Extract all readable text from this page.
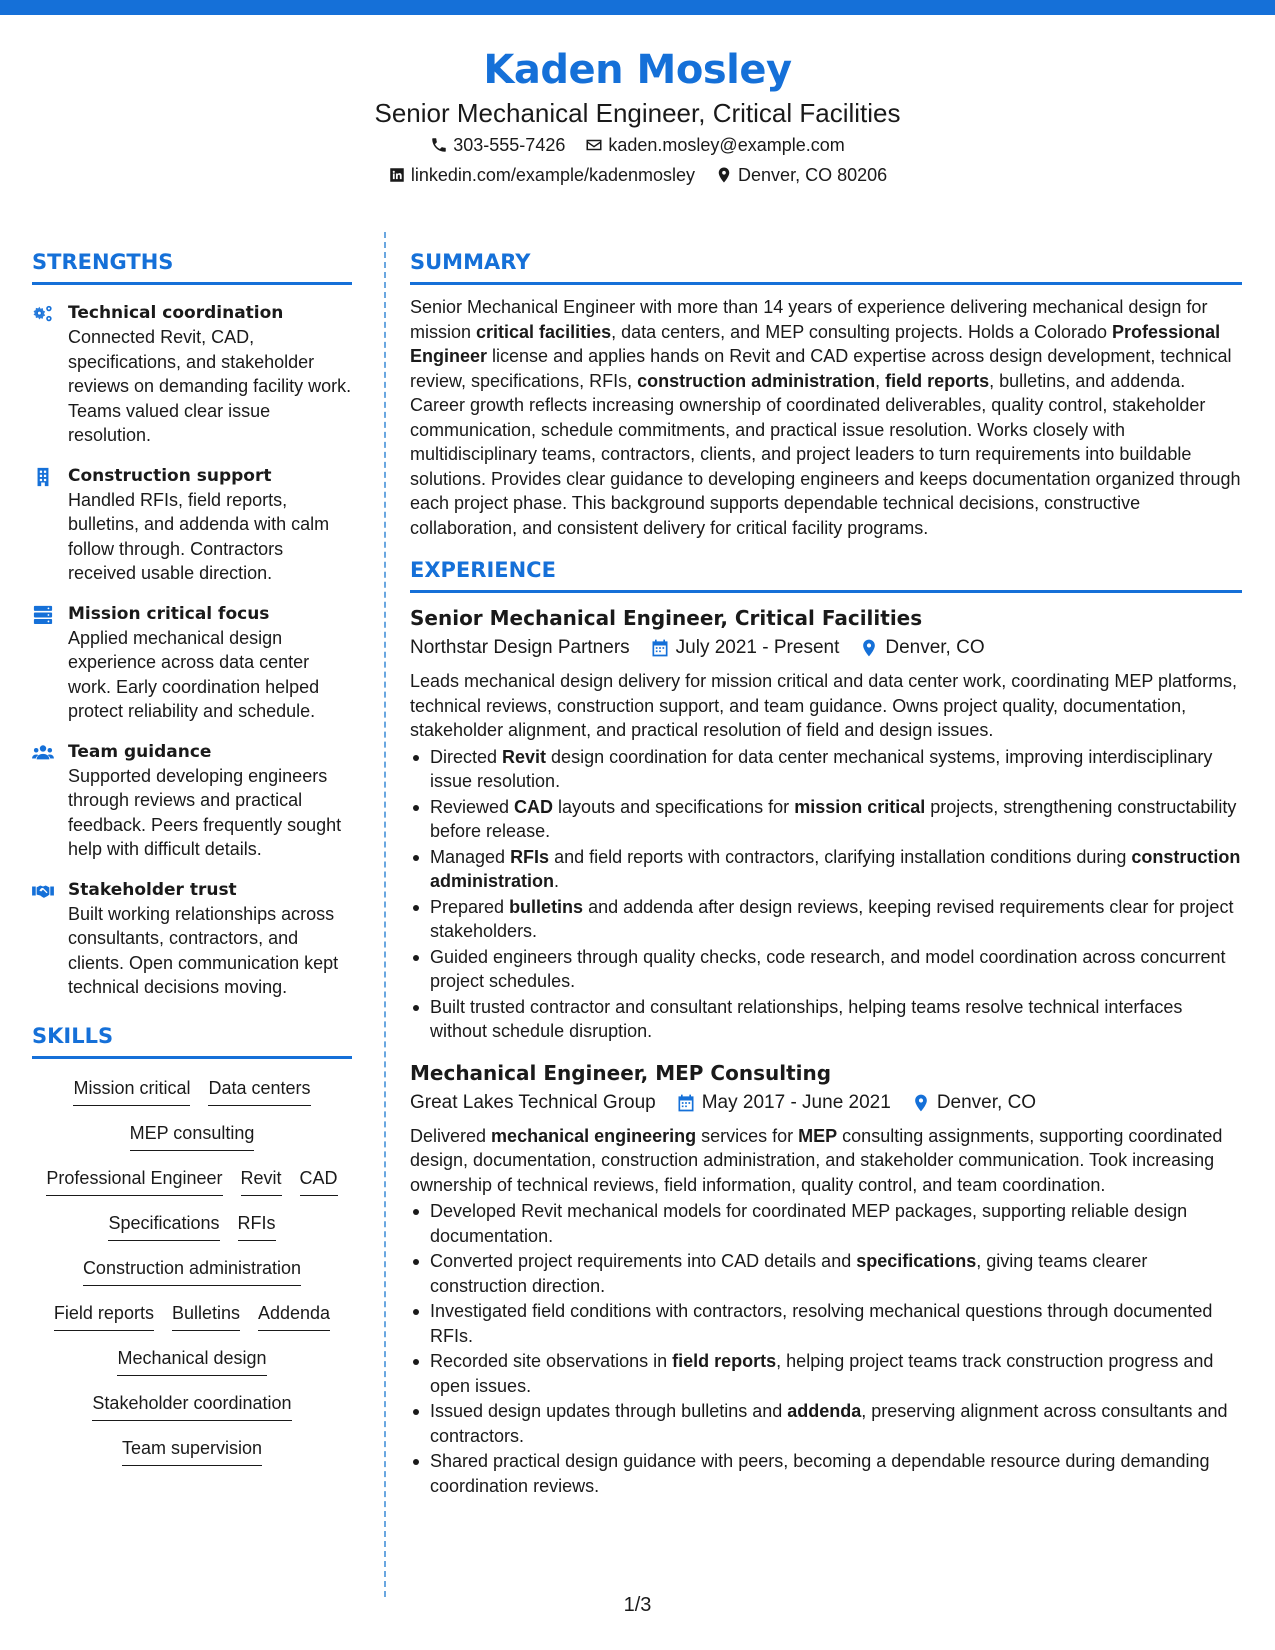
Kaden Mosley
Senior Mechanical Engineer, Critical Facilities
303-555-7426 kaden.mosley@example.com
linkedin.com/example/kadenmosley Denver, CO 80206
STRENGTHS
Technical coordination
Connected Revit, CAD, specifications, and stakeholder reviews on demanding facility work. Teams valued clear issue resolution.
Construction support
Handled RFIs, field reports, bulletins, and addenda with calm follow through. Contractors received usable direction.
Mission critical focus
Applied mechanical design experience across data center work. Early coordination helped protect reliability and schedule.
Team guidance
Supported developing engineers through reviews and practical feedback. Peers frequently sought help with difficult details.
Stakeholder trust
Built working relationships across consultants, contractors, and clients. Open communication kept technical decisions moving.
SKILLS
Mission critical Data centers
MEP consulting
Professional Engineer Revit CAD
Specifications RFIs
Construction administration
Field reports Bulletins Addenda
Mechanical design
Stakeholder coordination
Team supervision
SUMMARY
Senior Mechanical Engineer with more than 14 years of experience delivering mechanical design for mission critical facilities, data centers, and MEP consulting projects. Holds a Colorado Professional Engineer license and applies hands on Revit and CAD expertise across design development, technical review, specifications, RFIs, construction administration, field reports, bulletins, and addenda. Career growth reflects increasing ownership of coordinated deliverables, quality control, stakeholder communication, schedule commitments, and practical issue resolution. Works closely with multidisciplinary teams, contractors, clients, and project leaders to turn requirements into buildable solutions. Provides clear guidance to developing engineers and keeps documentation organized through each project phase. This background supports dependable technical decisions, constructive collaboration, and consistent delivery for critical facility programs.
EXPERIENCE
Senior Mechanical Engineer, Critical Facilities
Northstar Design Partners July 2021 - Present Denver, CO
Leads mechanical design delivery for mission critical and data center work, coordinating MEP platforms, technical reviews, construction support, and team guidance. Owns project quality, documentation, stakeholder alignment, and practical resolution of field and design issues.
Directed Revit design coordination for data center mechanical systems, improving interdisciplinary issue resolution.
Reviewed CAD layouts and specifications for mission critical projects, strengthening constructability before release.
Managed RFIs and field reports with contractors, clarifying installation conditions during construction administration.
Prepared bulletins and addenda after design reviews, keeping revised requirements clear for project stakeholders.
Guided engineers through quality checks, code research, and model coordination across concurrent project schedules.
Built trusted contractor and consultant relationships, helping teams resolve technical interfaces without schedule disruption.
Mechanical Engineer, MEP Consulting
Great Lakes Technical Group May 2017 - June 2021 Denver, CO
Delivered mechanical engineering services for MEP consulting assignments, supporting coordinated design, documentation, construction administration, and stakeholder communication. Took increasing ownership of technical reviews, field information, quality control, and team coordination.
Developed Revit mechanical models for coordinated MEP packages, supporting reliable design documentation.
Converted project requirements into CAD details and specifications, giving teams clearer construction direction.
Investigated field conditions with contractors, resolving mechanical questions through documented RFIs.
Recorded site observations in field reports, helping project teams track construction progress and open issues.
Issued design updates through bulletins and addenda, preserving alignment across consultants and contractors.
Shared practical design guidance with peers, becoming a dependable resource during demanding coordination reviews.
1/3
